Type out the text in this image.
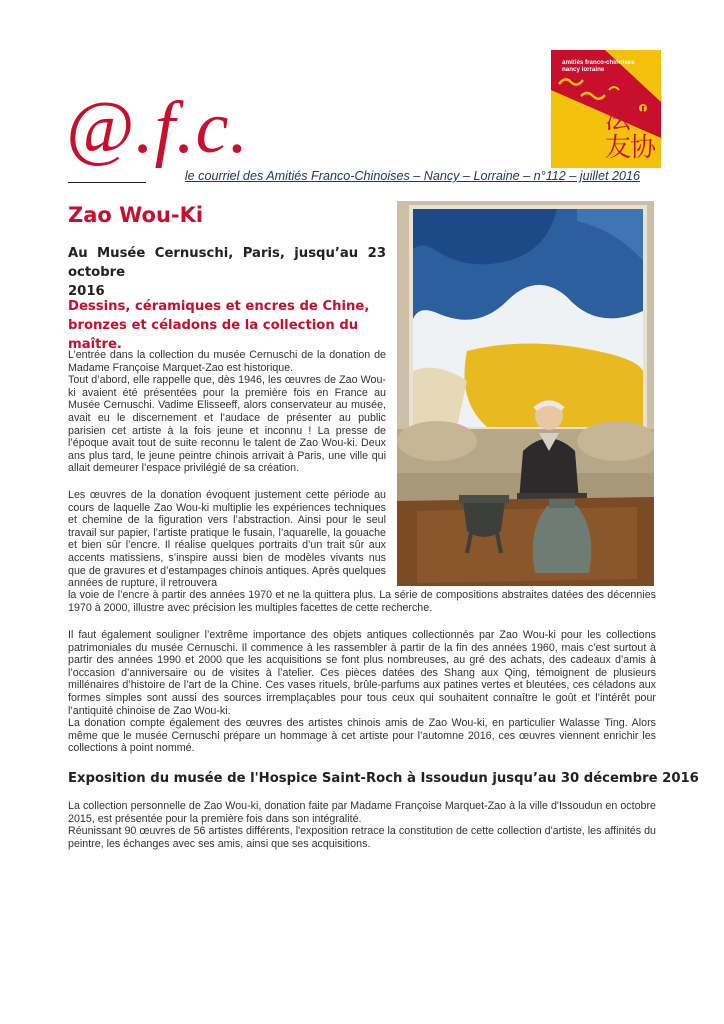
@.f.c.
le courriel des Amitiés Franco-Chinoises – Nancy – Lorraine – n°112 – juillet 2016
amitiés franco-chinoises
nancy lorraine
法中
友协
Zao Wou-Ki
Au Musée Cernuschi, Paris, jusqu’au 23 octobre
2016
Dessins, céramiques et encres de Chine, bronzes et céladons de la collection du maître.
L’entrée dans la collection du musée Cernuschi de la donation de Madame Françoise Marquet-Zao est historique.
Tout d’abord, elle rappelle que, dès 1946, les œuvres de Zao Wou-ki avaient été présentées pour la première fois en France au Musée Cernuschi. Vadime Elisseeff, alors conservateur au musée, avait eu le discernement et l’audace de présenter au public parisien cet artiste à la fois jeune et inconnu ! La presse de l’époque avait tout de suite reconnu le talent de Zao Wou-ki. Deux ans plus tard, le jeune peintre chinois arrivait à Paris, une ville qui allait demeurer l’espace privilégié de sa création.
Les œuvres de la donation évoquent justement cette période au cours de laquelle Zao Wou-ki multiplie les expériences techniques et chemine de la figuration vers l’abstraction. Ainsi pour le seul travail sur papier, l’artiste pratique le fusain, l’aquarelle, la gouache et bien sûr l’encre. Il réalise quelques portraits d’un trait sûr aux accents matissiens, s’inspire aussi bien de modèles vivants nus que de gravures et d’estampages chinois antiques. Après quelques années de rupture, il retrouvera
la voie de l’encre à partir des années 1970 et ne la quittera plus. La série de compositions abstraites datées des décennies 1970 à 2000, illustre avec précision les multiples facettes de cette recherche.
Il faut également souligner l’extrême importance des objets antiques collectionnés par Zao Wou-ki pour les collections patrimoniales du musée Cernuschi. Il commence à les rassembler à partir de la fin des années 1960, mais c’est surtout à partir des années 1990 et 2000 que les acquisitions se font plus nombreuses, au gré des achats, des cadeaux d’amis à l’occasion d’anniversaire ou de visites à l’atelier. Ces pièces datées des Shang aux Qing, témoignent de plusieurs millénaires d’histoire de l’art de la Chine. Ces vases rituels, brûle-parfums aux patines vertes et bleutées, ces céladons aux formes simples sont aussi des sources irremplaçables pour tous ceux qui souhaitent connaître le goût et l’intérêt pour l’antiquité chinoise de Zao Wou-ki.
La donation compte également des œuvres des artistes chinois amis de Zao Wou-ki, en particulier Walasse Ting. Alors même que le musée Cernuschi prépare un hommage à cet artiste pour l’automne 2016, ces œuvres viennent enrichir les collections à point nommé.
Exposition du musée de l'Hospice Saint-Roch à Issoudun jusqu’au 30 décembre 2016
La collection personnelle de Zao Wou-ki, donation faite par Madame Françoise Marquet-Zao à la ville d'Issoudun en octobre 2015, est présentée pour la première fois dans son intégralité.
Réunissant 90 œuvres de 56 artistes différents, l'exposition retrace la constitution de cette collection d'artiste, les affinités du peintre, les échanges avec ses amis, ainsi que ses acquisitions.
